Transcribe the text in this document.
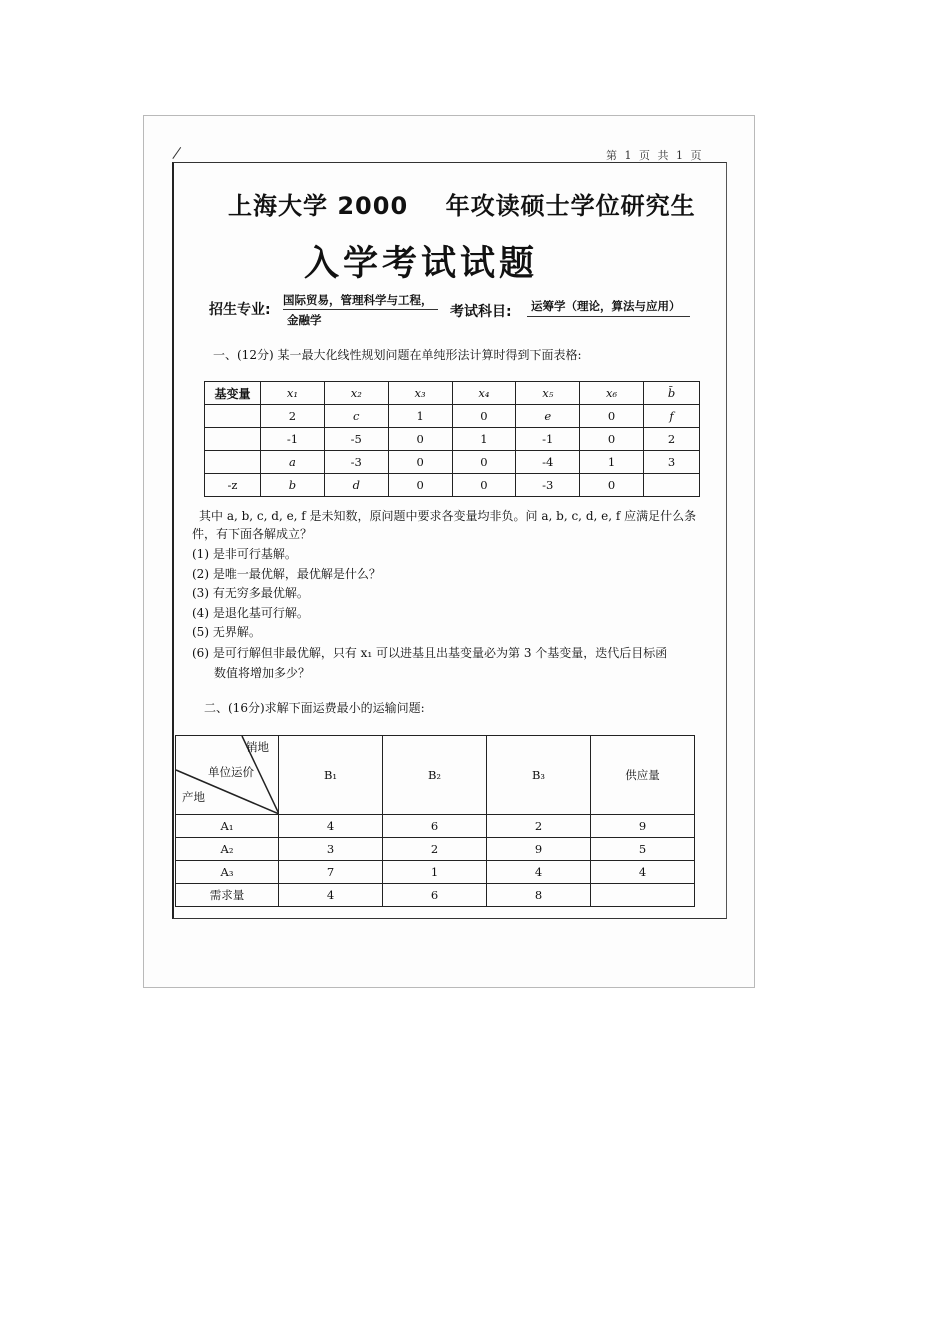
第 1 页 共 1 页
上海大学 2000    年攻读硕士学位研究生
入学考试试题
招生专业:
国际贸易，管理科学与工程，
金融学	考试科目: 运筹学（理论，算法与应用）
一、(12分) 某一最大化线性规划问题在单纯形法计算时得到下面表格:
基变量	x₁	x₂	x₃	x₄	x₅	x₆	b̄
	2	c	1	0	e	0	f
	-1	-5	0	1	-1	0	2
	a	-3	0	0	-4	1	3
-z	b	d	0	0	-3	0	
其中 a, b, c, d, e, f 是未知数，原问题中要求各变量均非负。问 a, b, c, d, e, f 应满足什么条
件，有下面各解成立？
(1) 是非可行基解。
(2) 是唯一最优解，最优解是什么？
(3) 有无穷多最优解。
(4) 是退化基可行解。
(5) 无界解。
(6) 是可行解但非最优解，只有 x₁ 可以进基且出基变量必为第 3 个基变量，迭代后目标函
数值将增加多少？
二、(16分)求解下面运费最小的运输问题:
销地
单位运价
产地	B₁	B₂	B₃	供应量
A₁	4	6	2	9
A₂	3	2	9	5
A₃	7	1	4	4
需求量	4	6	8	
